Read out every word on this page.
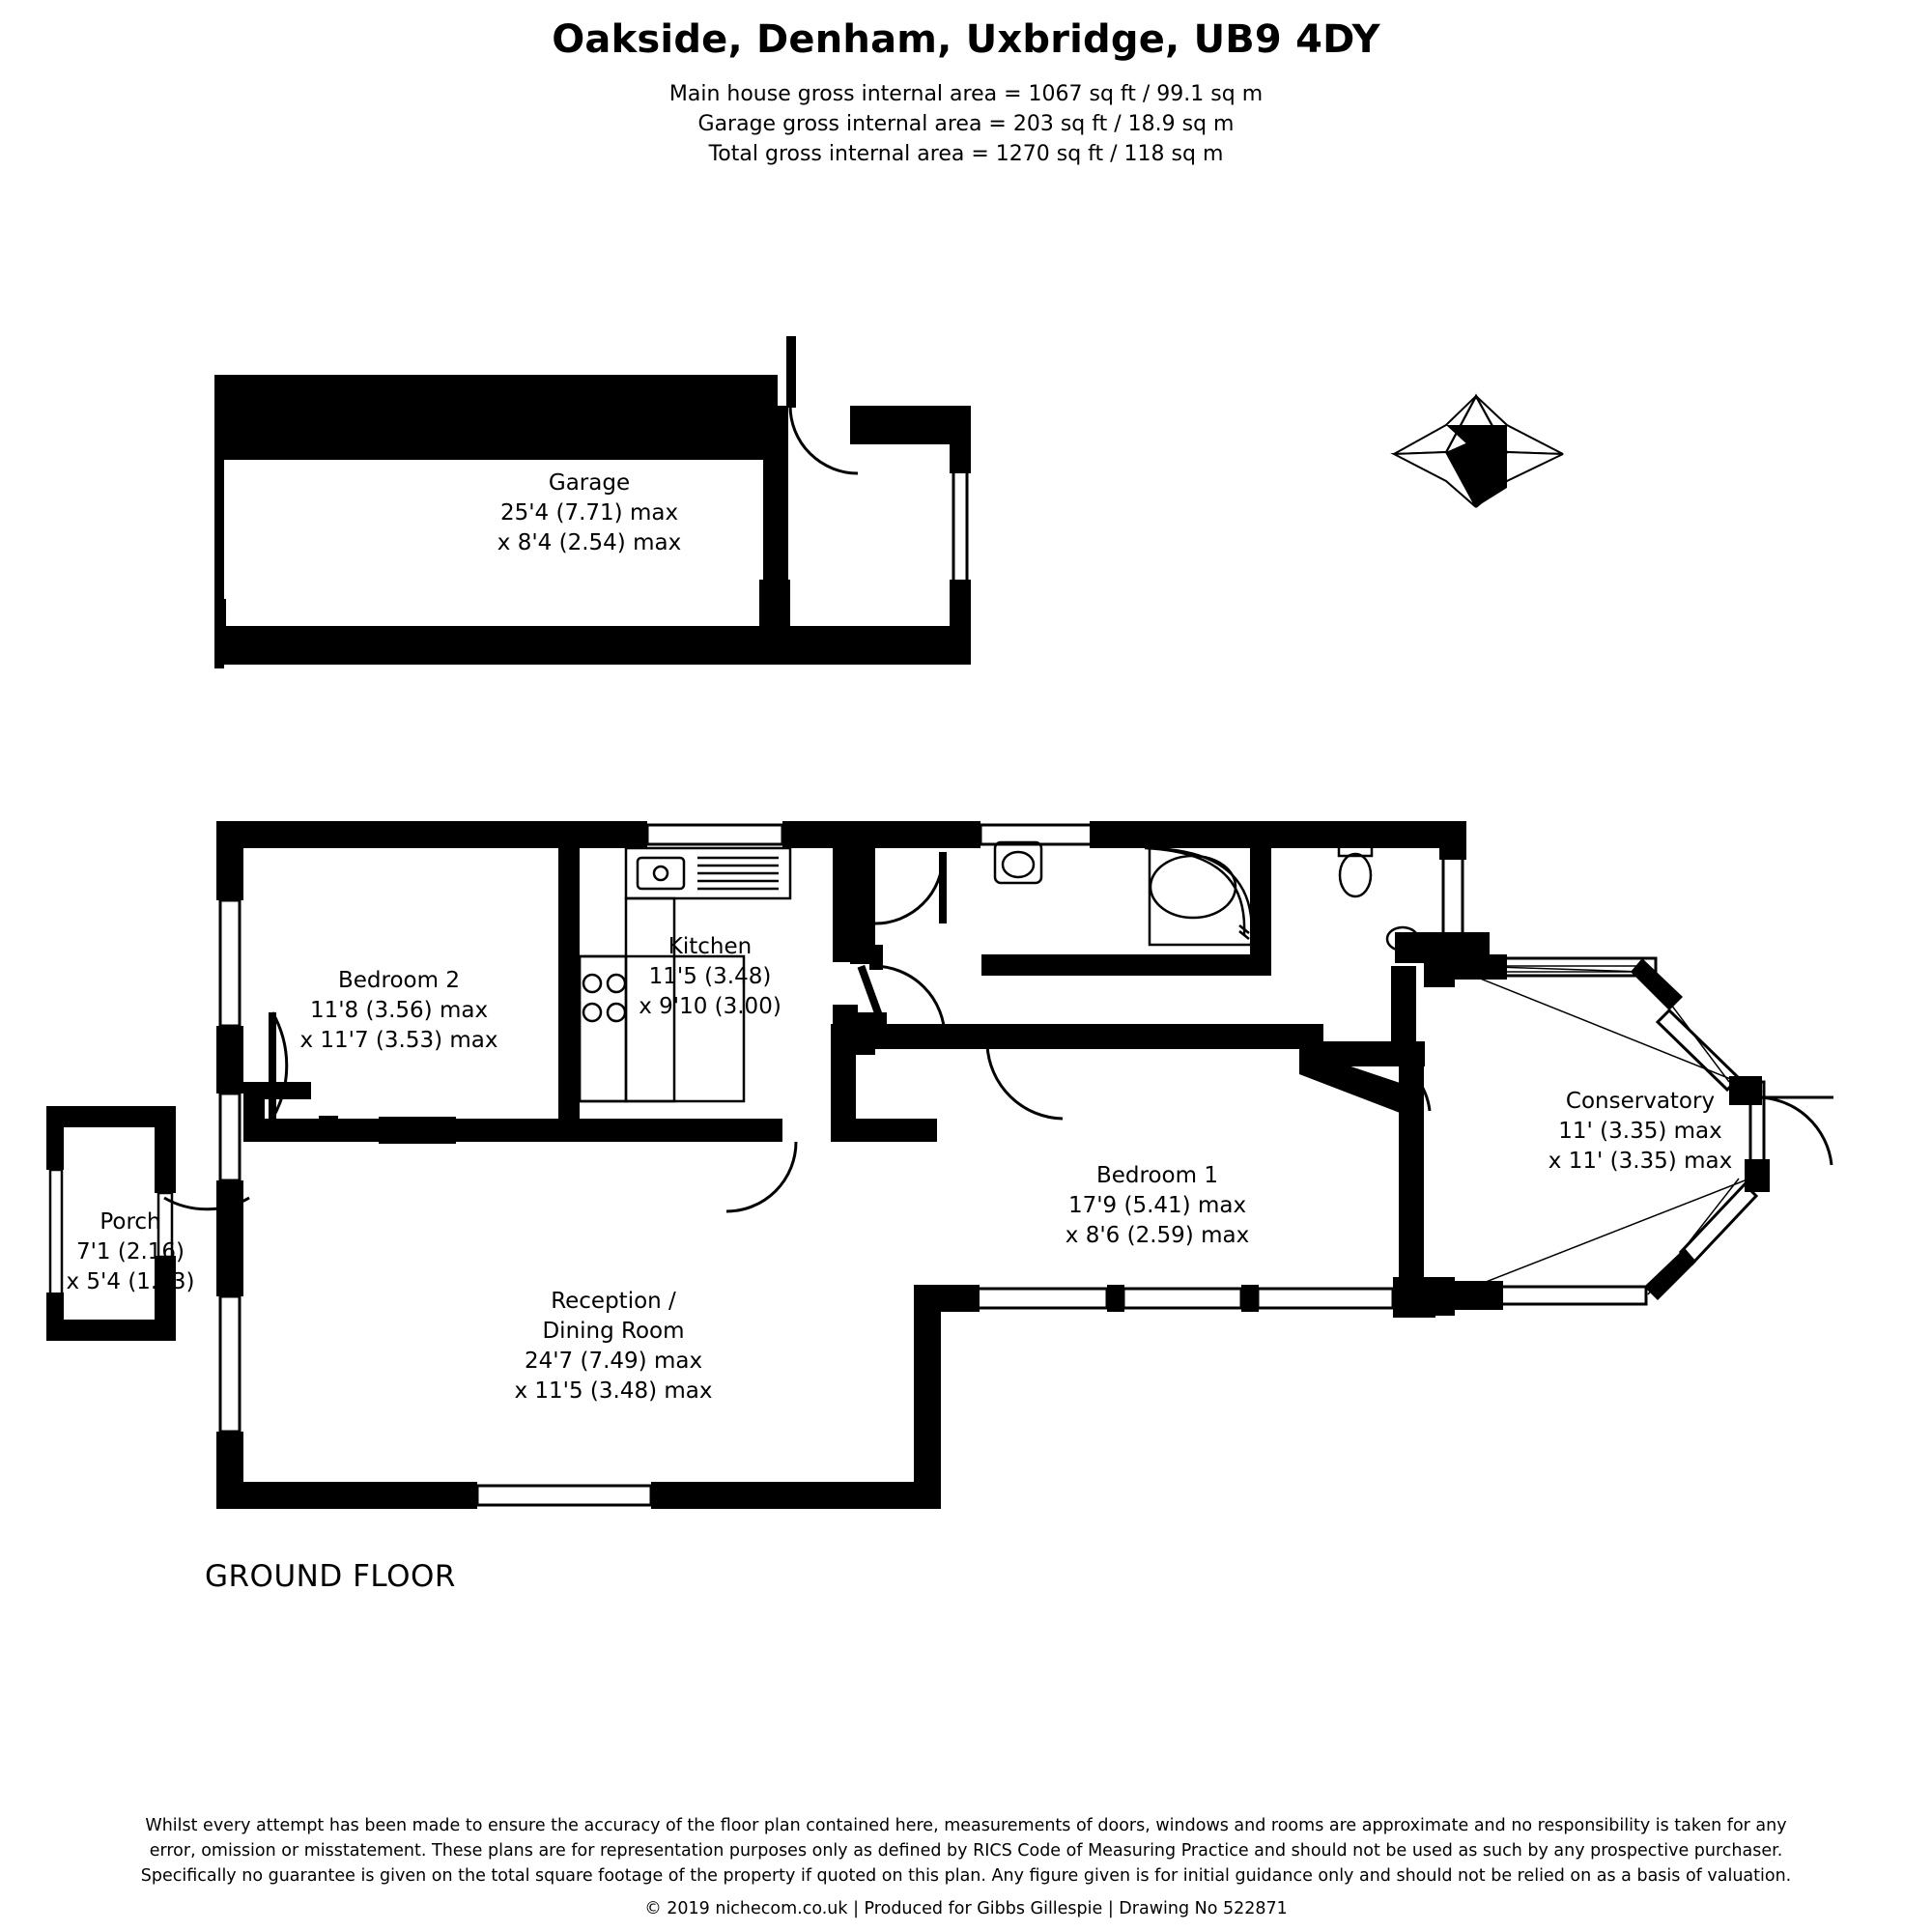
Oakside, Denham, Uxbridge, UB9 4DY
Main house gross internal area = 1067 sq ft / 99.1 sq m
Garage gross internal area = 203 sq ft / 18.9 sq m
Total gross internal area = 1270 sq ft / 118 sq m
N
Garage
25'4 (7.71) max
x 8'4 (2.54) max
Bedroom 2
11'8 (3.56) max
x 11'7 (3.53) max
Kitchen
11'5 (3.48)
x 9'10 (3.00)
Porch
7'1 (2.16)
x 5'4 (1.63)
Reception /
Dining Room
24'7 (7.49) max
x 11'5 (3.48) max
Bedroom 1
17'9 (5.41) max
x 8'6 (2.59) max
Conservatory
11' (3.35) max
x 11' (3.35) max
GROUND FLOOR
Whilst every attempt has been made to ensure the accuracy of the floor plan contained here, measurements of doors, windows and rooms are approximate and no responsibility is taken for any
error, omission or misstatement. These plans are for representation purposes only as defined by RICS Code of Measuring Practice and should not be used as such by any prospective purchaser.
Specifically no guarantee is given on the total square footage of the property if quoted on this plan. Any figure given is for initial guidance only and should not be relied on as a basis of valuation.
© 2019 nichecom.co.uk | Produced for Gibbs Gillespie | Drawing No 522871
